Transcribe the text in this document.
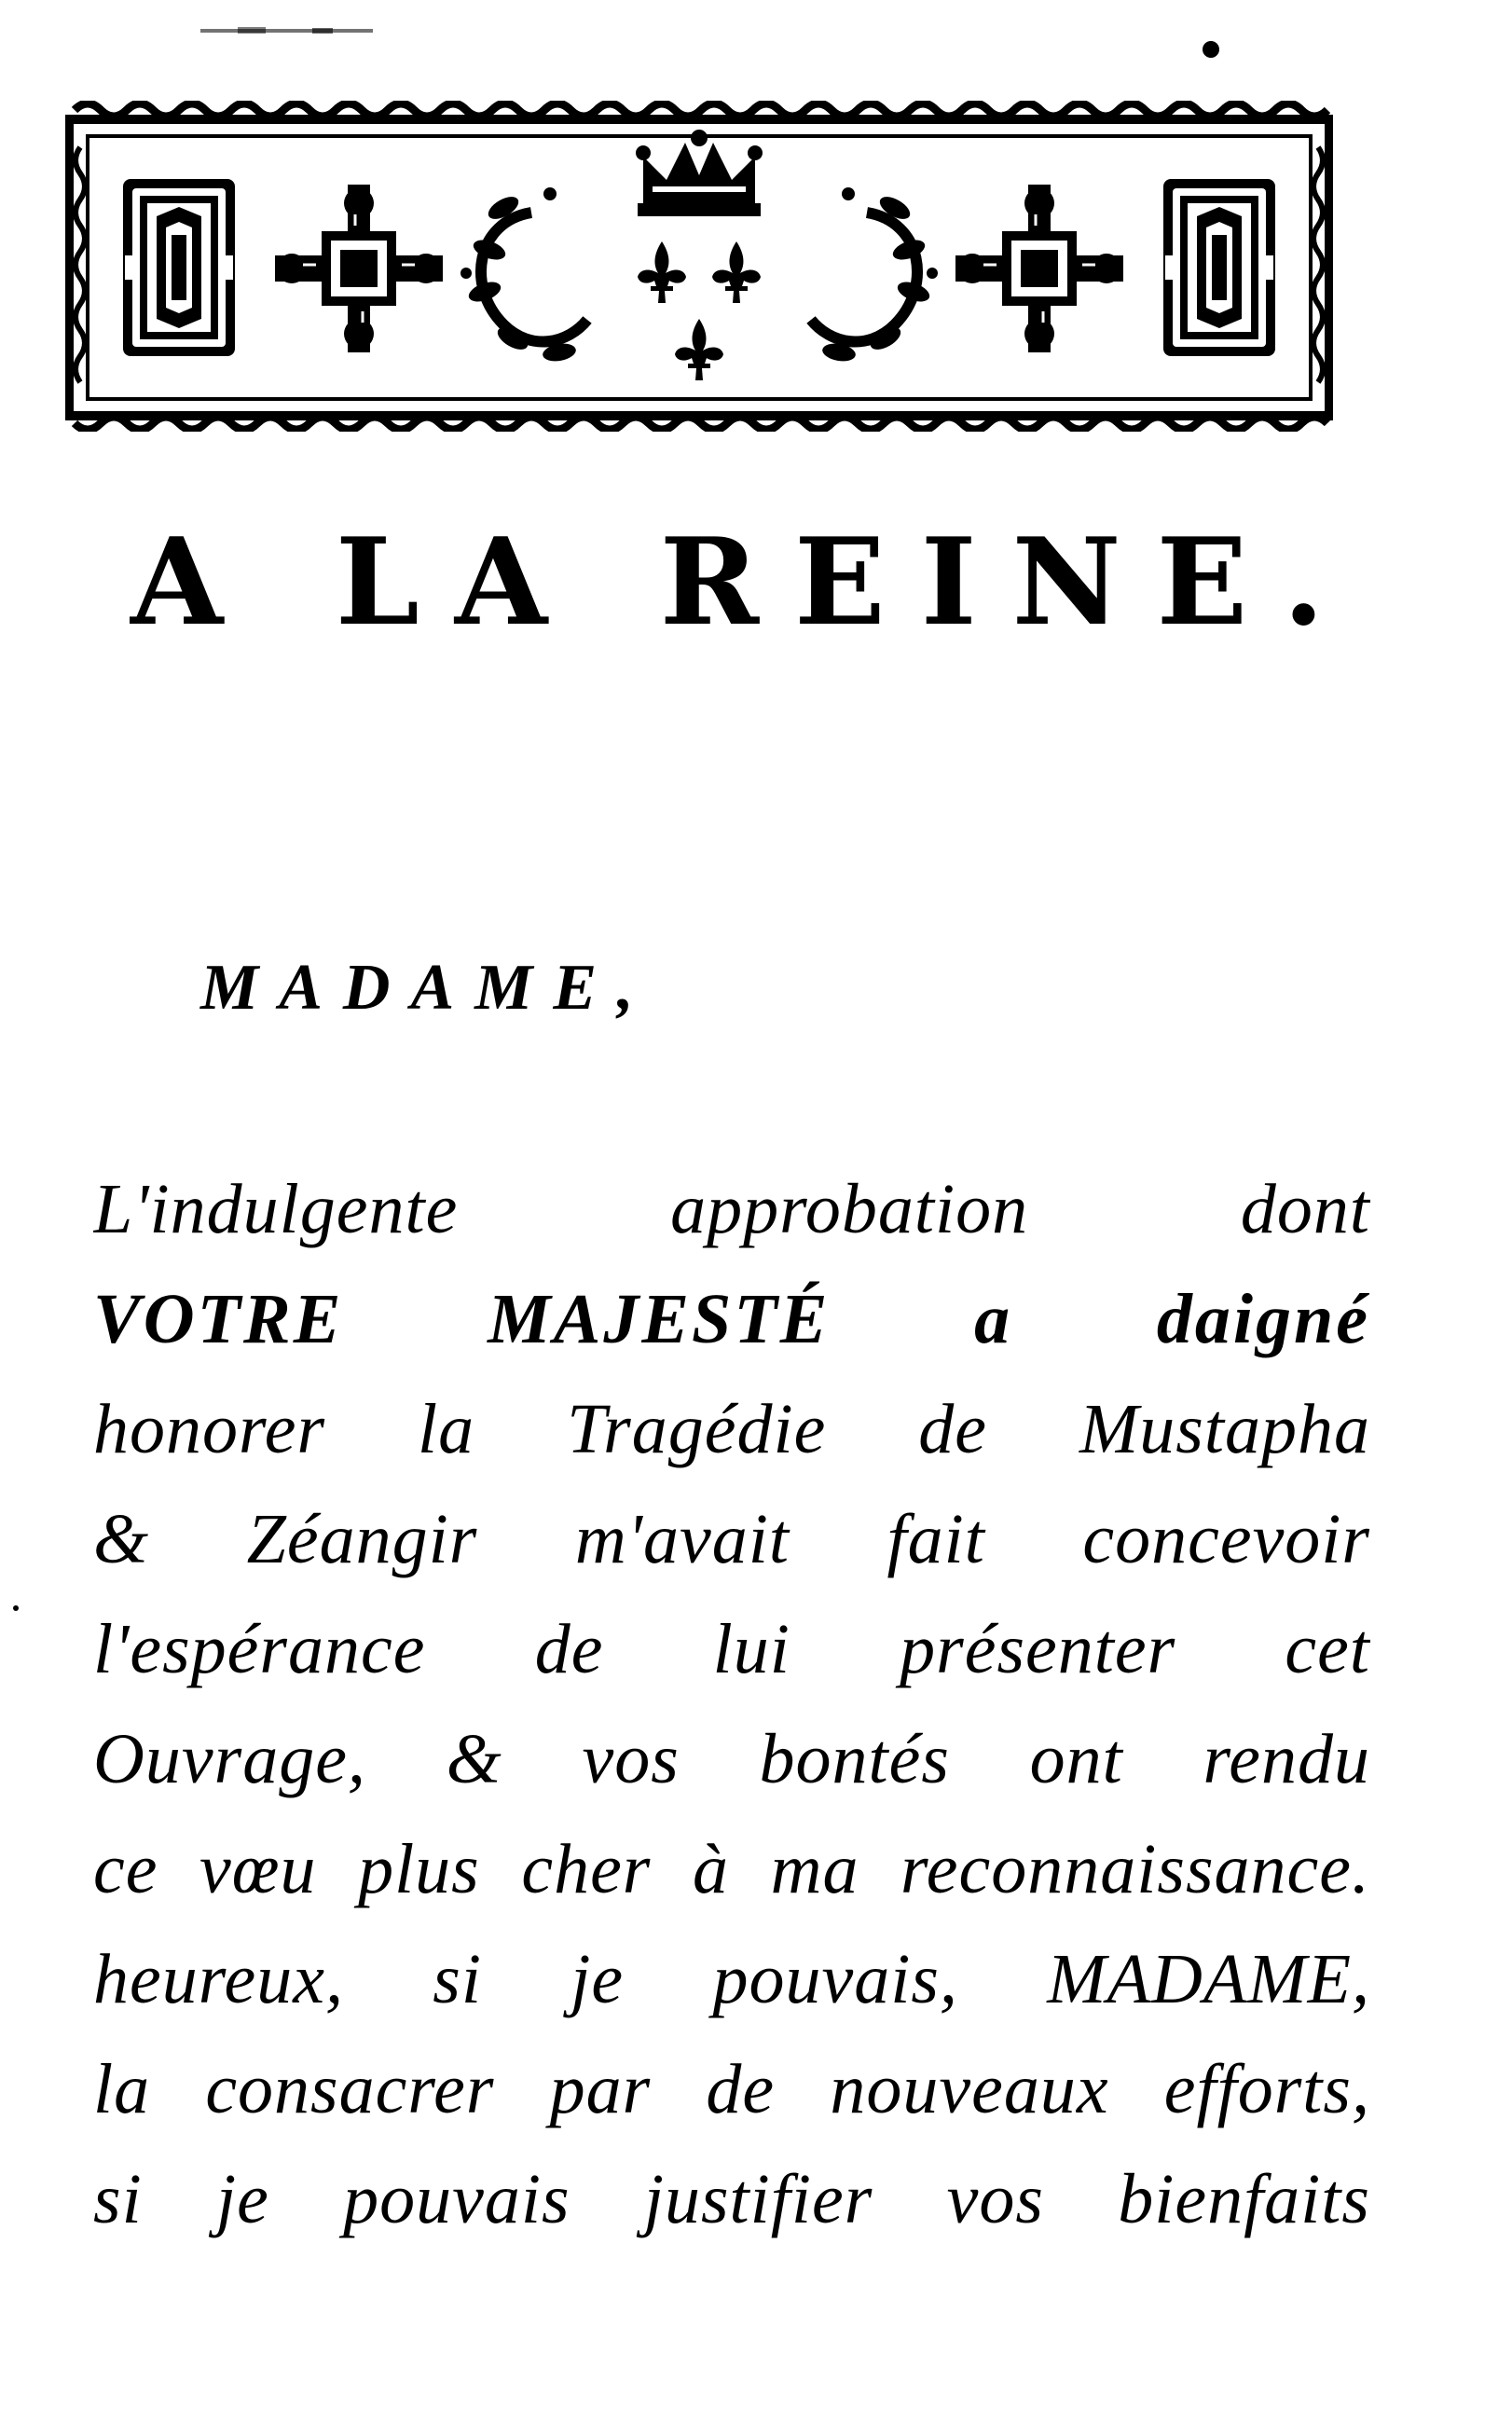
A LA REINE.
MADAME,
L'indulgente approbation dont
VOTRE MAJESTÉ a daigné
honorer la Tragédie de Mustapha
& Zéangir m'avait fait concevoir
l'espérance de lui présenter cet
Ouvrage, & vos bontés ont rendu
ce vœu plus cher à ma reconnaissance.
heureux, si je pouvais, MADAME,
la consacrer par de nouveaux efforts,
si je pouvais justifier vos bienfaits
